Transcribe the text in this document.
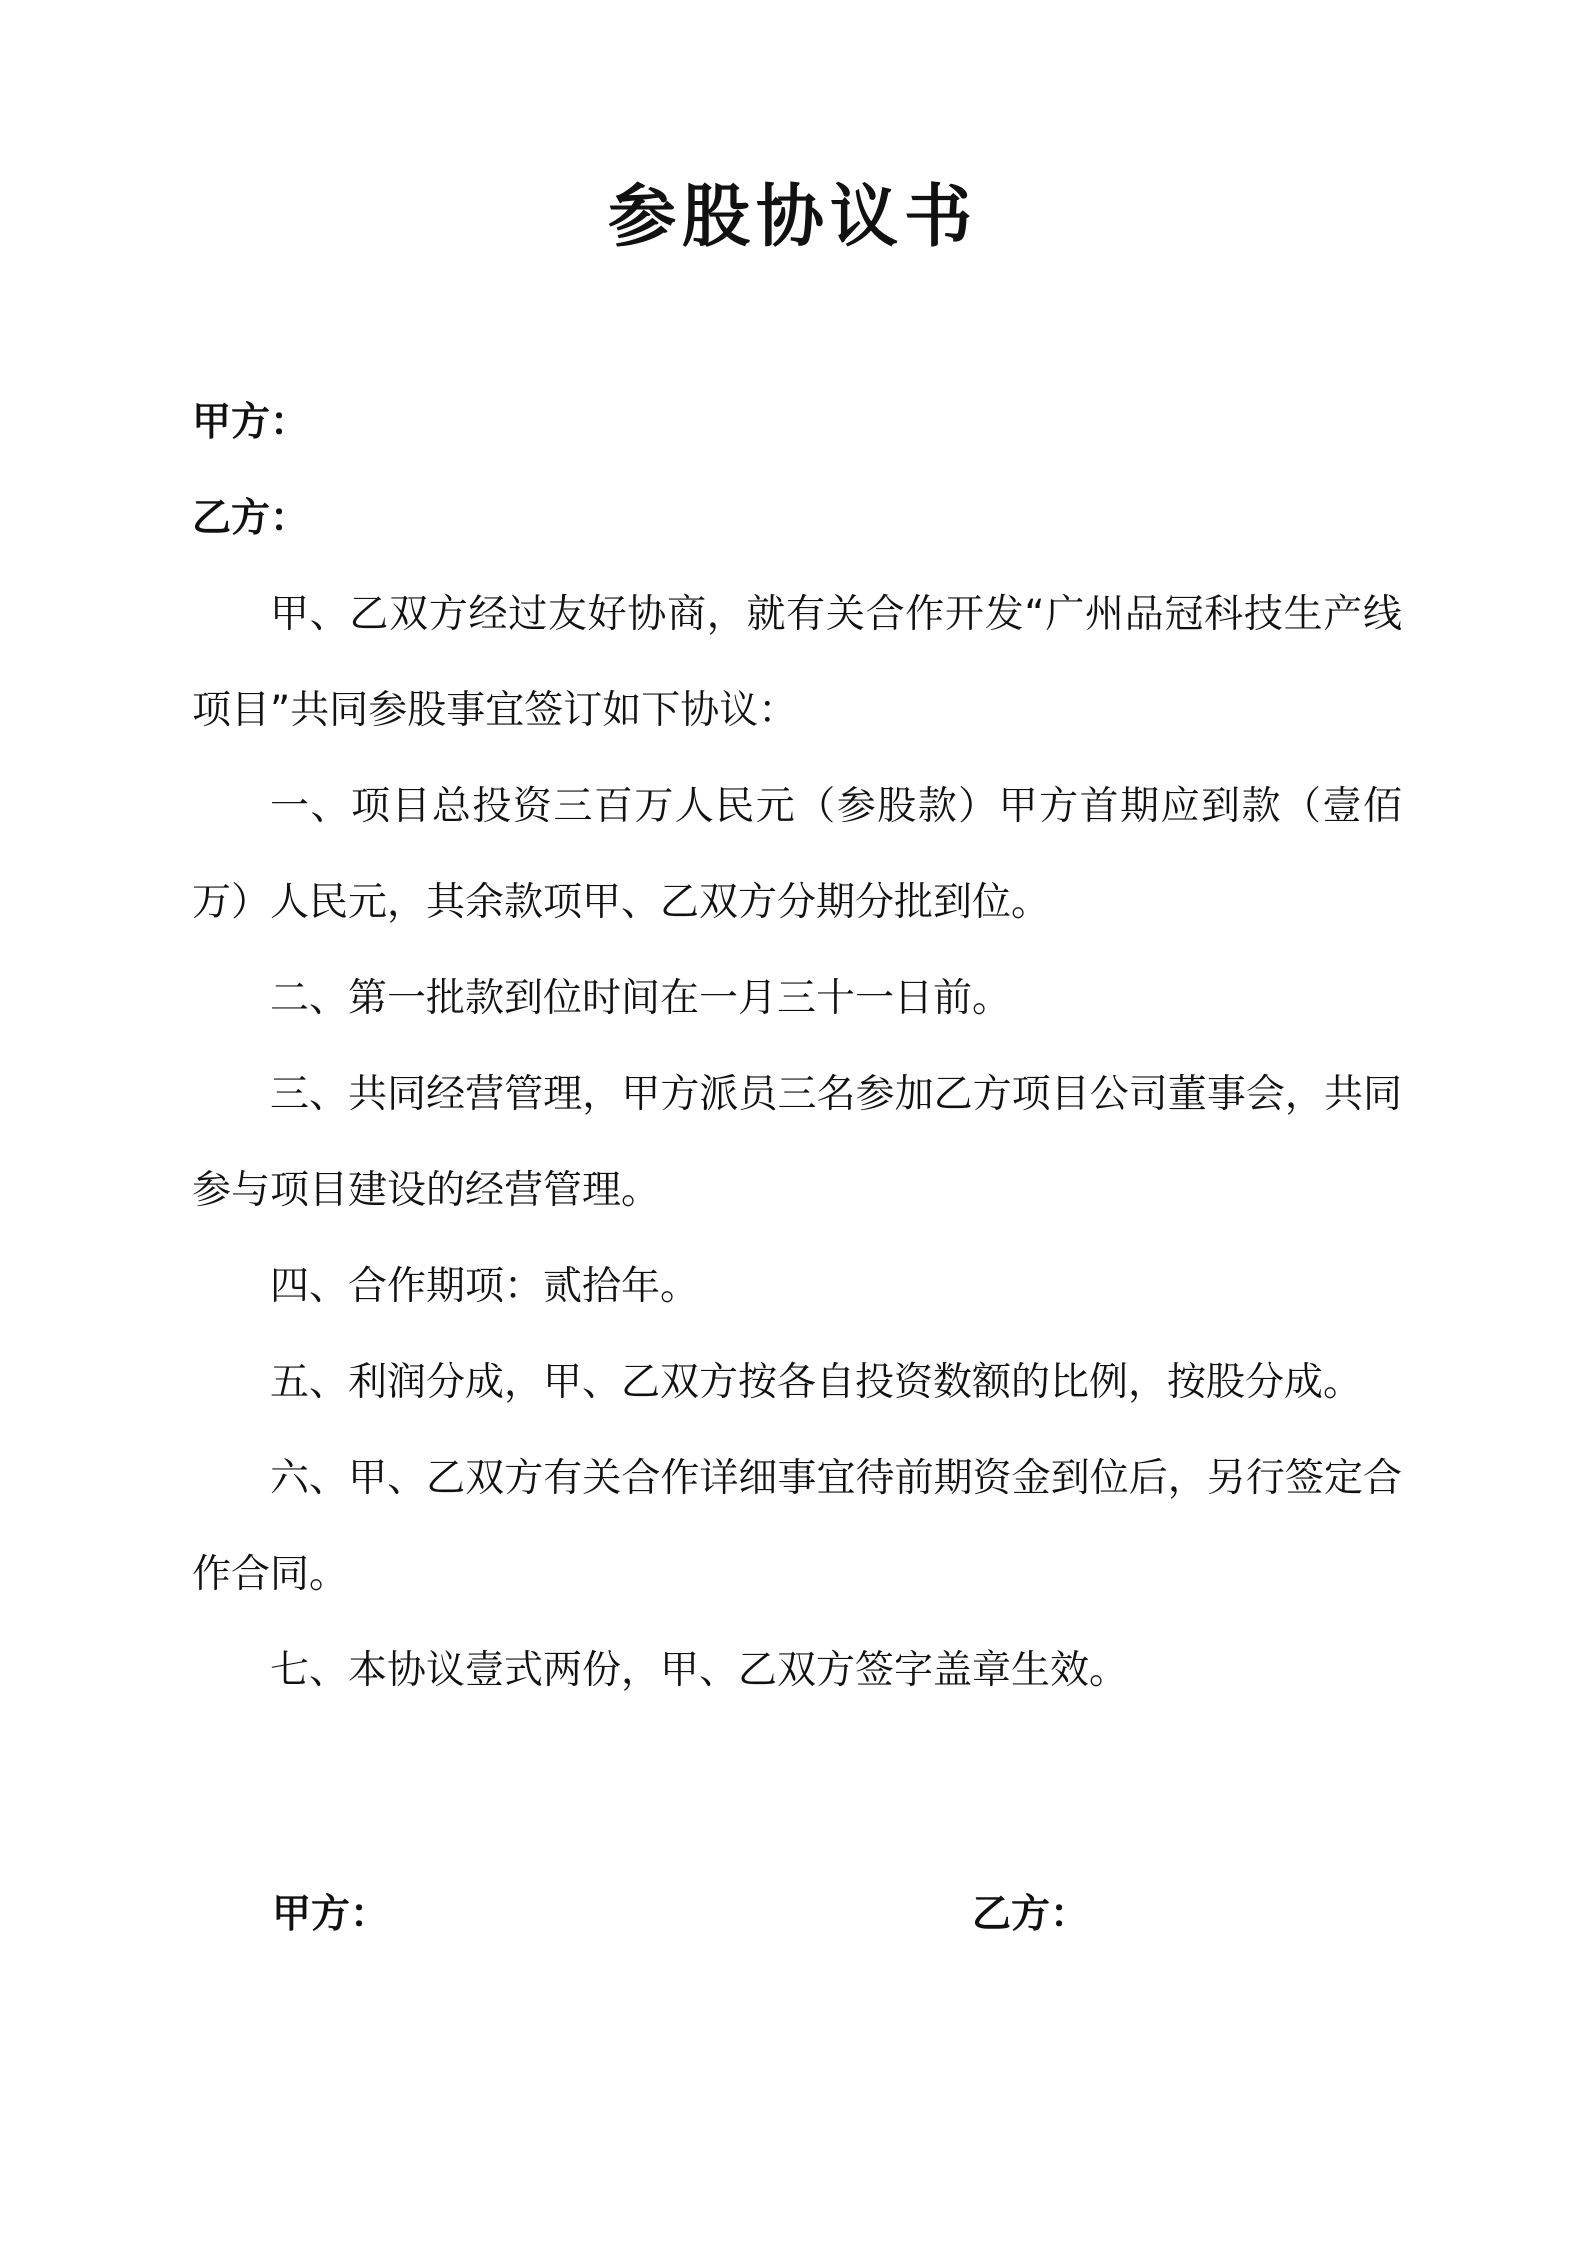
参股协议书

甲方：

乙方：

甲、乙双方经过友好协商，就有关合作开发“广州品冠科技生产线项目”共同参股事宜签订如下协议：

一、项目总投资三百万人民元（参股款）甲方首期应到款（壹佰万）人民元，其余款项甲、乙双方分期分批到位。

二、第一批款到位时间在一月三十一日前。

三、共同经营管理，甲方派员三名参加乙方项目公司董事会，共同参与项目建设的经营管理。

四、合作期项：贰拾年。

五、利润分成，甲、乙双方按各自投资数额的比例，按股分成。

六、甲、乙双方有关合作详细事宜待前期资金到位后，另行签定合作合同。

七、本协议壹式两份，甲、乙双方签字盖章生效。

甲方：	乙方：
